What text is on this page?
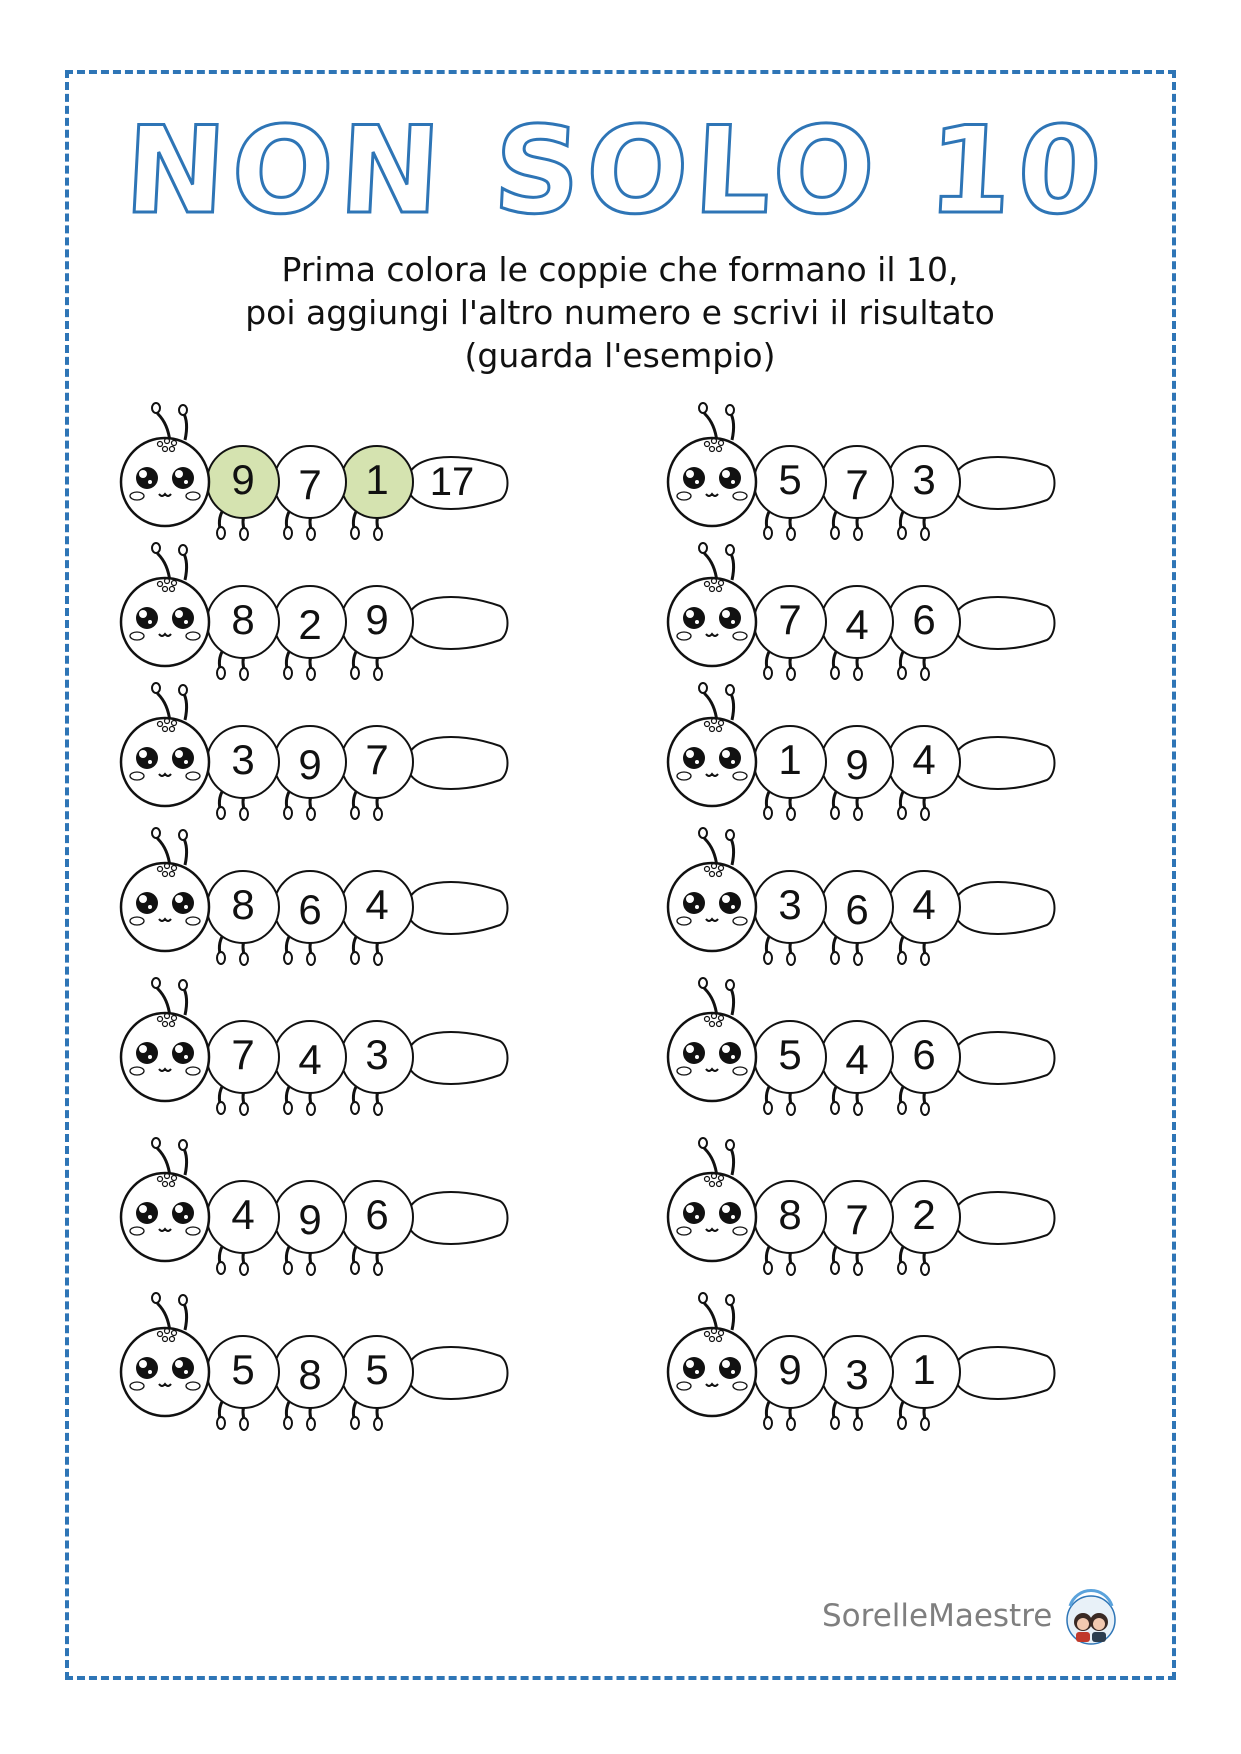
NON SOLO 10
Prima colora le coppie che formano il 10,
poi aggiungi l'altro numero e scrivi il risultato
(guarda l'esempio)
9	7	1	17	5	7	3
8	2	9	7	4	6
3	9	7	1	9	4
8	6	4	3	6	4
7	4	3	5	4	6
4	9	6	8	7	2
5	8	5	9	3	1
SorelleMaestre
